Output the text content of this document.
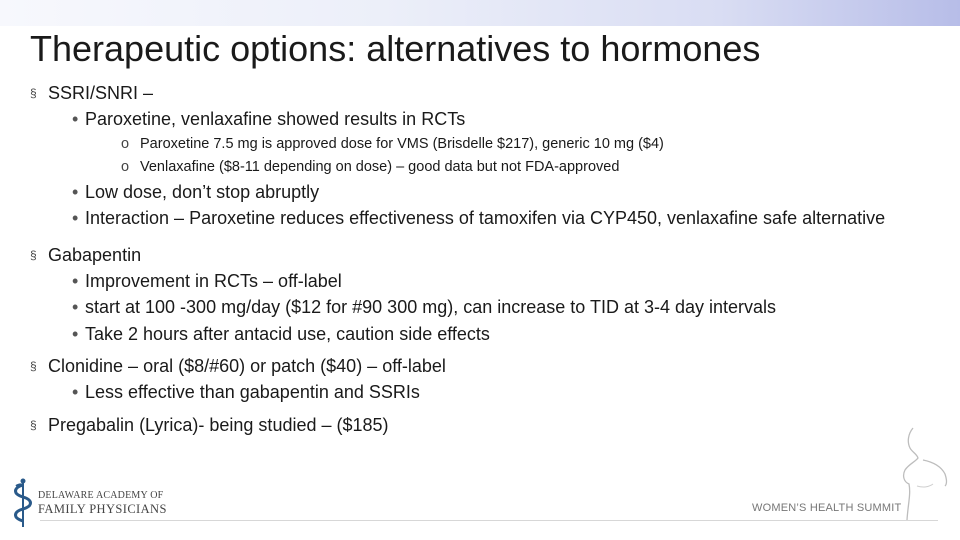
Therapeutic options: alternatives to hormones
§ SSRI/SNRI –
• Paroxetine, venlaxafine showed results in RCTs
o Paroxetine 7.5 mg is approved dose for VMS (Brisdelle $217), generic 10 mg ($4)
o Venlaxafine ($8-11 depending on dose) – good data but not FDA-approved
• Low dose, don’t stop abruptly
• Interaction – Paroxetine reduces effectiveness of tamoxifen via CYP450, venlaxafine safe alternative
§ Gabapentin
• Improvement in RCTs – off-label
• start at 100 -300 mg/day ($12 for #90 300 mg), can increase to TID at 3-4 day intervals
• Take 2 hours after antacid use, caution side effects
§ Clonidine – oral ($8/#60) or patch ($40) – off-label
• Less effective than gabapentin and SSRIs
§ Pregabalin (Lyrica)- being studied – ($185)
DELAWARE ACADEMY OF
FAMILY PHYSICIANS	WOMEN’S HEALTH SUMMIT
